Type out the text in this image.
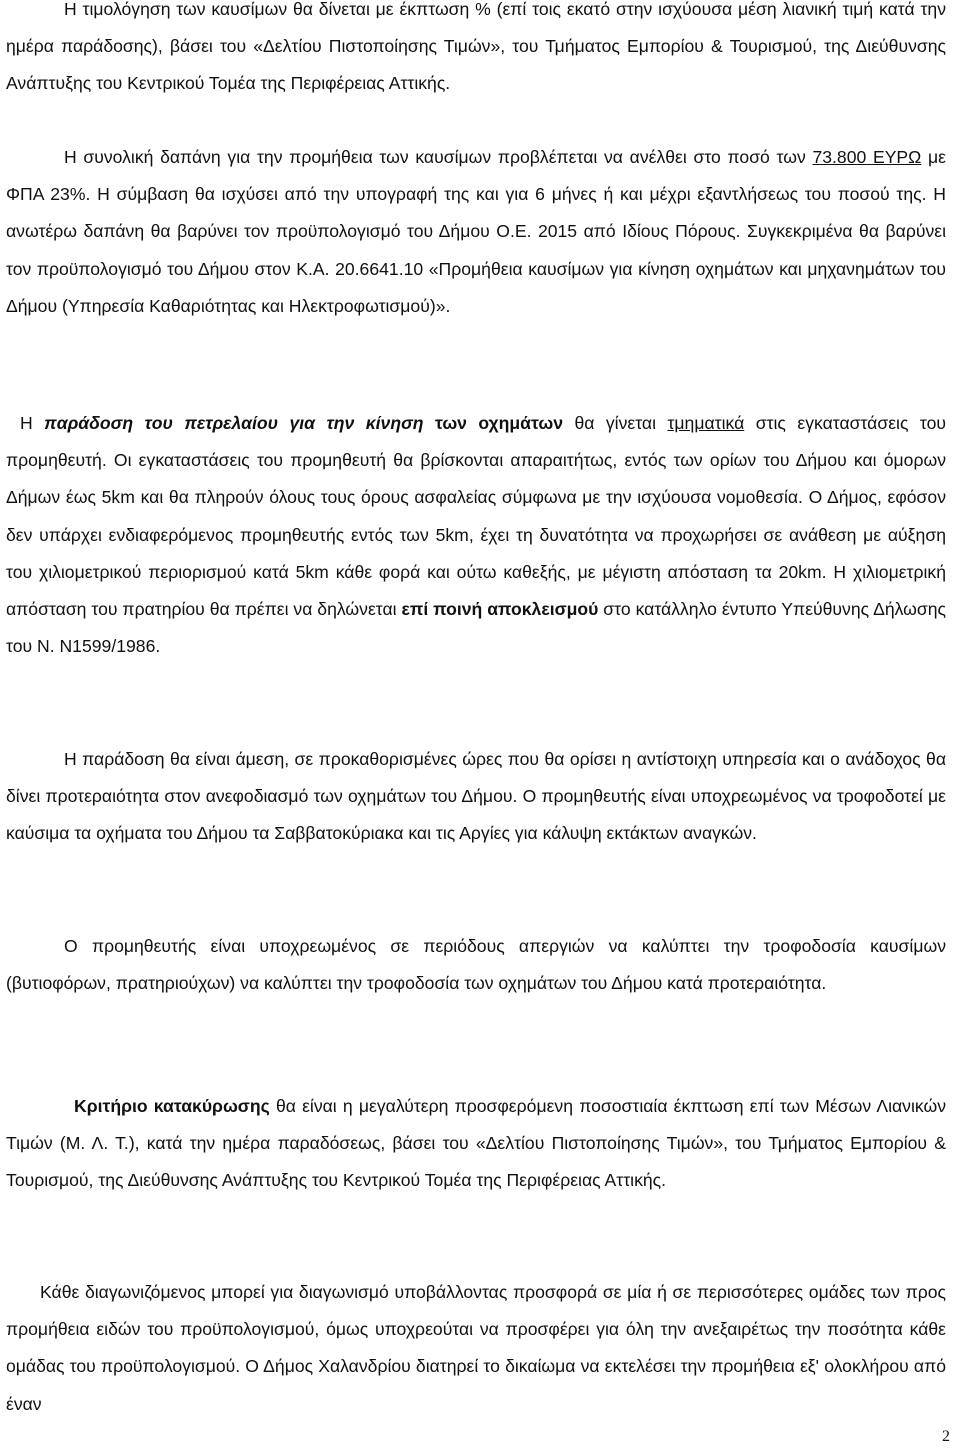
Η τιμολόγηση των καυσίμων θα δίνεται με έκπτωση % (επί τοις εκατό στην ισχύουσα μέση λιανική τιμή κατά την ημέρα παράδοσης), βάσει του «Δελτίου Πιστοποίησης Τιμών», του Τμήματος Εμπορίου & Τουρισμού, της Διεύθυνσης Ανάπτυξης του Κεντρικού Τομέα της Περιφέρειας Αττικής.

Η συνολική δαπάνη για την προμήθεια των καυσίμων προβλέπεται να ανέλθει στο ποσό των 73.800 ΕΥΡΩ με ΦΠΑ 23%. Η σύμβαση θα ισχύσει από την υπογραφή της και για 6 μήνες ή και μέχρι εξαντλήσεως του ποσού της. Η ανωτέρω δαπάνη θα βαρύνει τον προϋπολογισμό του Δήμου Ο.Ε. 2015 από Ιδίους Πόρους. Συγκεκριμένα θα βαρύνει τον προϋπολογισμό του Δήμου στον Κ.Α. 20.6641.10 «Προμήθεια καυσίμων για κίνηση οχημάτων και μηχανημάτων του Δήμου (Υπηρεσία Καθαριότητας και Ηλεκτροφωτισμού)».

Η παράδοση του πετρελαίου για την κίνηση των οχημάτων θα γίνεται τμηματικά στις εγκαταστάσεις του προμηθευτή. Οι εγκαταστάσεις του προμηθευτή θα βρίσκονται απαραιτήτως, εντός των ορίων του Δήμου και όμορων Δήμων έως 5km και θα πληρούν όλους τους όρους ασφαλείας σύμφωνα με την ισχύουσα νομοθεσία. Ο Δήμος, εφόσον δεν υπάρχει ενδιαφερόμενος προμηθευτής εντός των 5km, έχει τη δυνατότητα να προχωρήσει σε ανάθεση με αύξηση του χιλιομετρικού περιορισμού κατά 5km κάθε φορά και ούτω καθεξής, με μέγιστη απόσταση τα 20km. Η χιλιομετρική απόσταση του πρατηρίου θα πρέπει να δηλώνεται επί ποινή αποκλεισμού στο κατάλληλο έντυπο Υπεύθυνης Δήλωσης του Ν. Ν1599/1986.

Η παράδοση θα είναι άμεση, σε προκαθορισμένες ώρες που θα ορίσει η αντίστοιχη υπηρεσία και ο ανάδοχος θα δίνει προτεραιότητα στον ανεφοδιασμό των οχημάτων του Δήμου. Ο προμηθευτής είναι υποχρεωμένος να τροφοδοτεί με καύσιμα τα οχήματα του Δήμου τα Σαββατοκύριακα και τις Αργίες για κάλυψη εκτάκτων αναγκών.

Ο προμηθευτής είναι υποχρεωμένος σε περιόδους απεργιών να καλύπτει την τροφοδοσία καυσίμων (βυτιοφόρων, πρατηριούχων) να καλύπτει την τροφοδοσία των οχημάτων του Δήμου κατά προτεραιότητα.

Κριτήριο κατακύρωσης θα είναι η μεγαλύτερη προσφερόμενη ποσοστιαία έκπτωση επί των Μέσων Λιανικών Τιμών (Μ. Λ. Τ.), κατά την ημέρα παραδόσεως, βάσει του «Δελτίου Πιστοποίησης Τιμών», του Τμήματος Εμπορίου & Τουρισμού, της Διεύθυνσης Ανάπτυξης του Κεντρικού Τομέα της Περιφέρειας Αττικής.

Κάθε διαγωνιζόμενος μπορεί για διαγωνισμό υποβάλλοντας προσφορά σε μία ή σε περισσότερες ομάδες των προς προμήθεια ειδών του προϋπολογισμού, όμως υποχρεούται να προσφέρει για όλη την ανεξαιρέτως την ποσότητα κάθε ομάδας του προϋπολογισμού. Ο Δήμος Χαλανδρίου διατηρεί το δικαίωμα να εκτελέσει την προμήθεια εξ' ολοκλήρου από έναν

2
